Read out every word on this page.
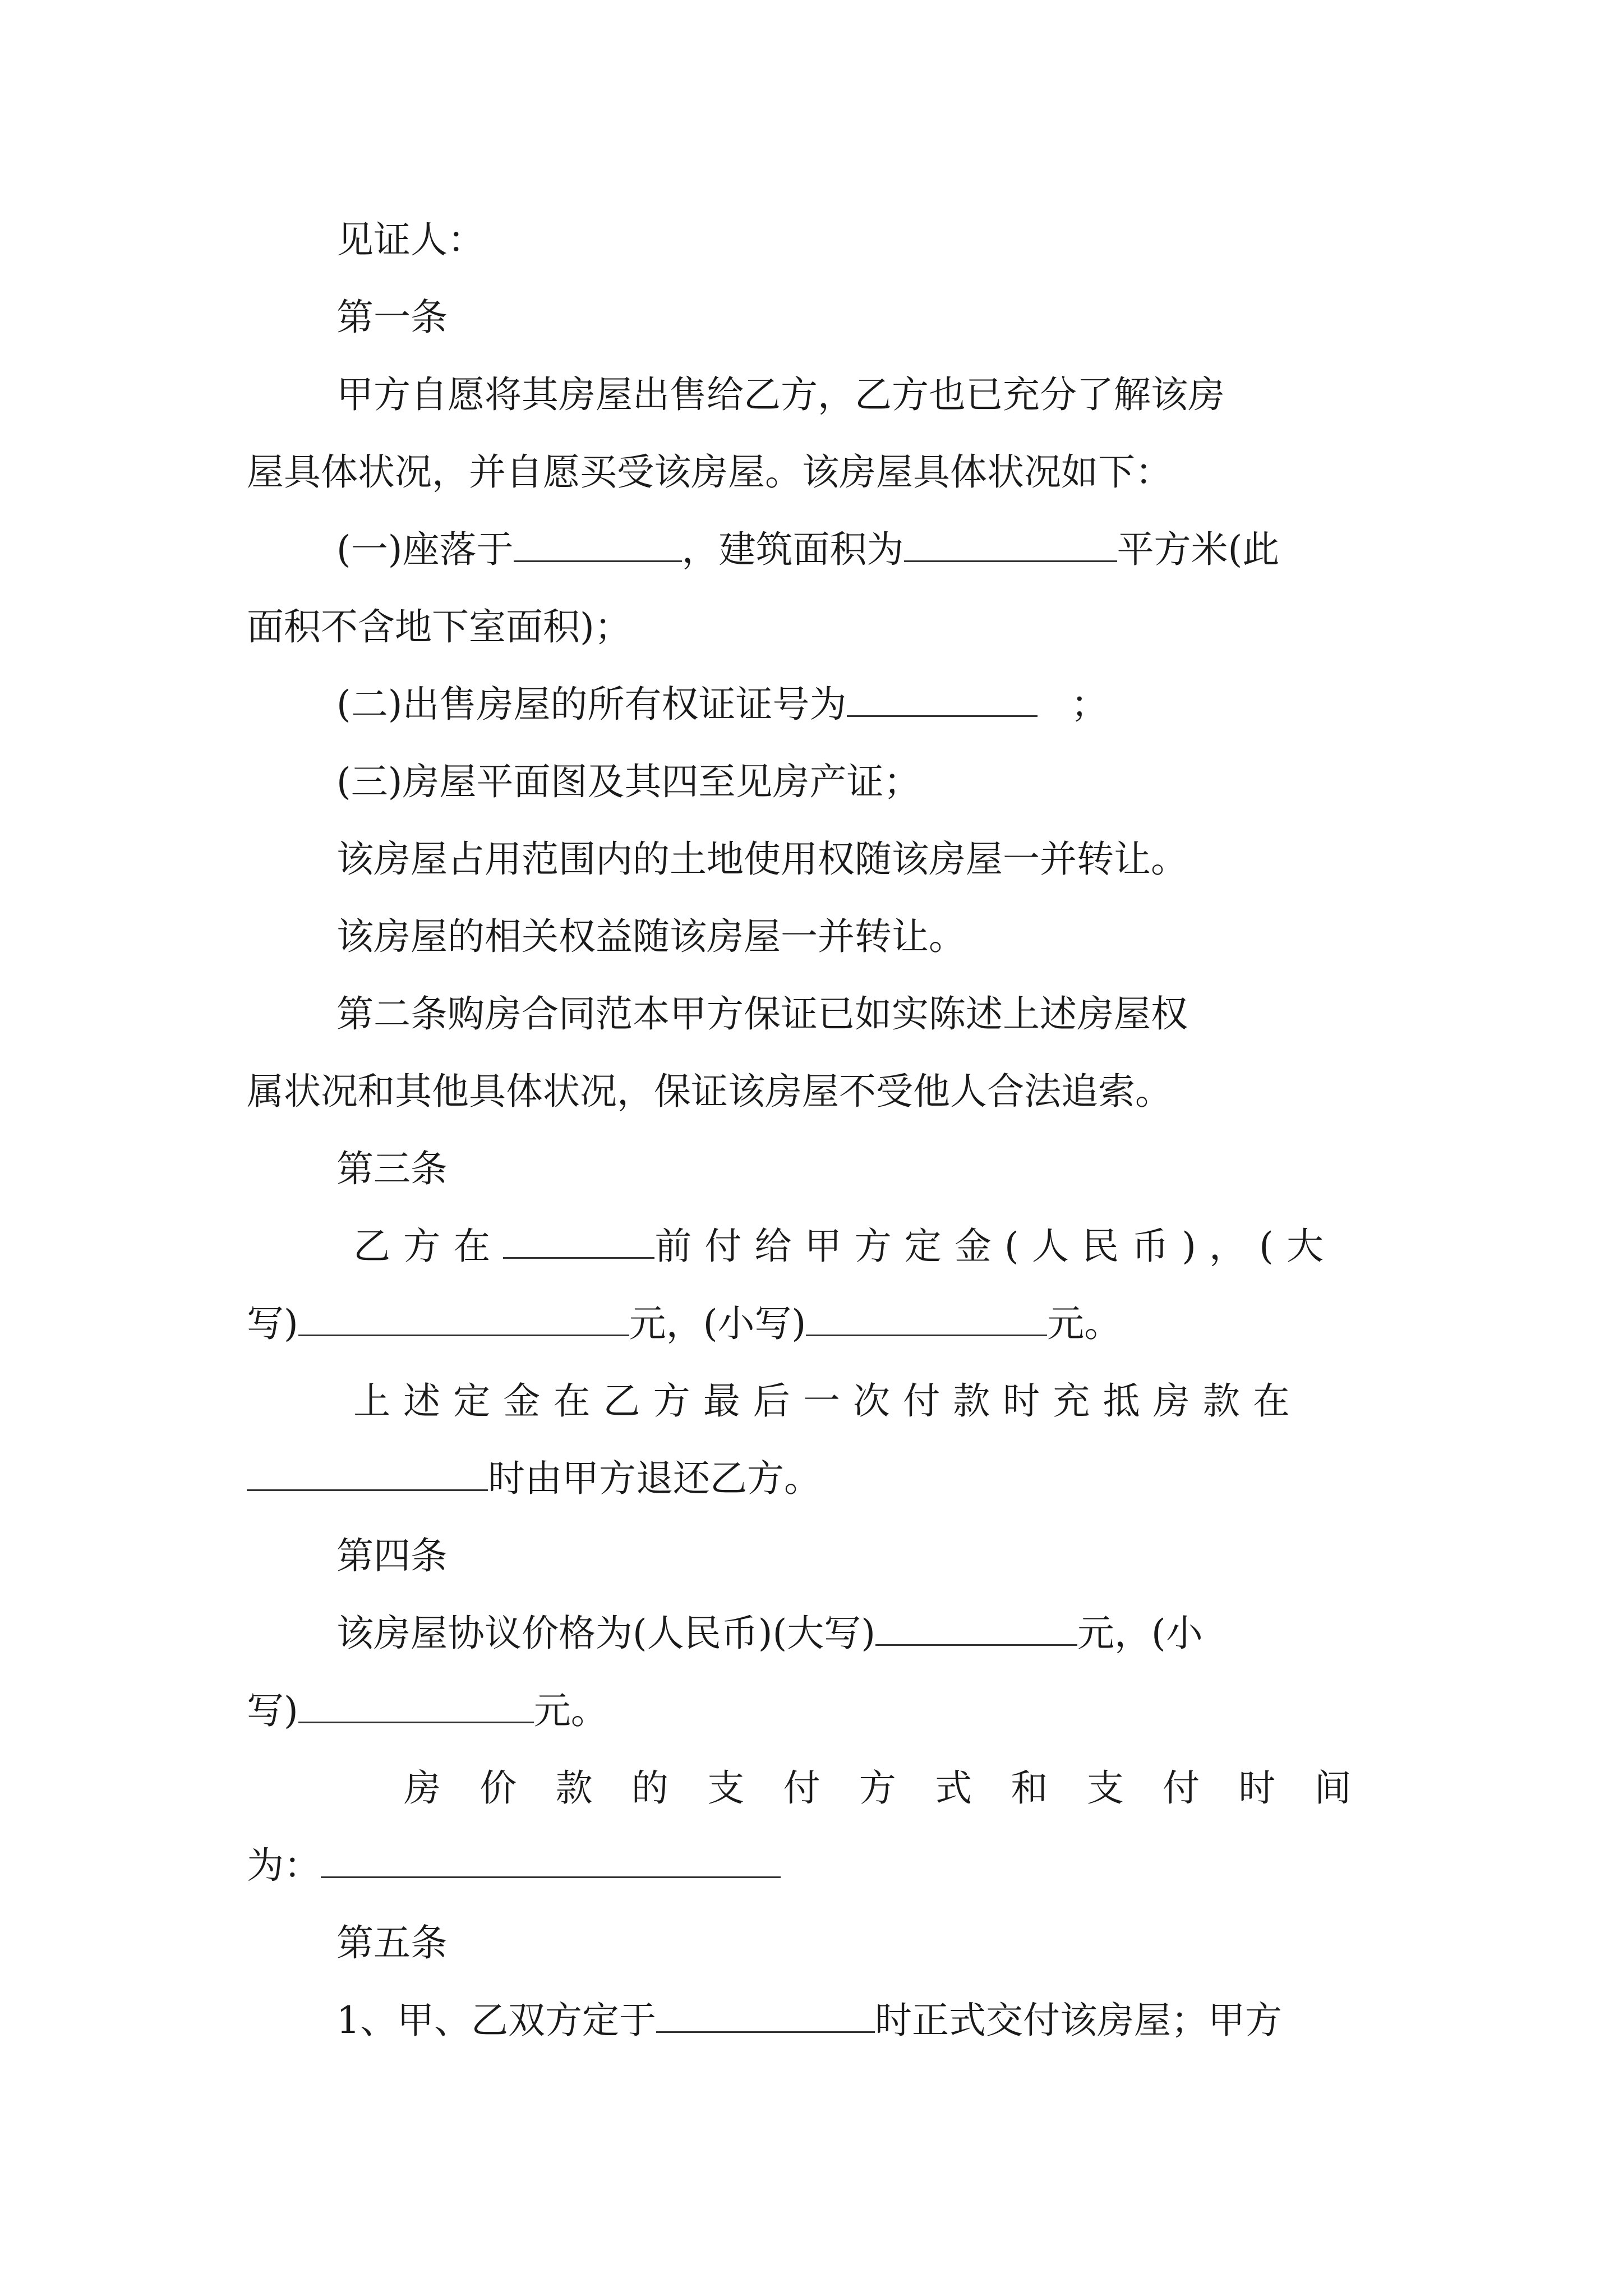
见证人：
第一条
甲方自愿将其房屋出售给乙方，乙方也已充分了解该房
屋具体状况，并自愿买受该房屋。该房屋具体状况如下：
(一)座落于	，建筑面积为	平方米(此
面积不含地下室面积)；
(二)出售房屋的所有权证证号为	；
(三)房屋平面图及其四至见房产证；
该房屋占用范围内的土地使用权随该房屋一并转让。
该房屋的相关权益随该房屋一并转让。
第二条购房合同范本甲方保证已如实陈述上述房屋权
属状况和其他具体状况，保证该房屋不受他人合法追索。
第三条
乙方在	前付给甲方定金(人民币)，(大
写)	元，(小写)	元。
上述定金在乙方最后一次付款时充抵房款在
时由甲方退还乙方。
第四条
该房屋协议价格为(人民币)(大写)	元，(小
写)	元。
房价款的支付方式和支付时间
为：
第五条
1、甲、乙双方定于	时正式交付该房屋；甲方
